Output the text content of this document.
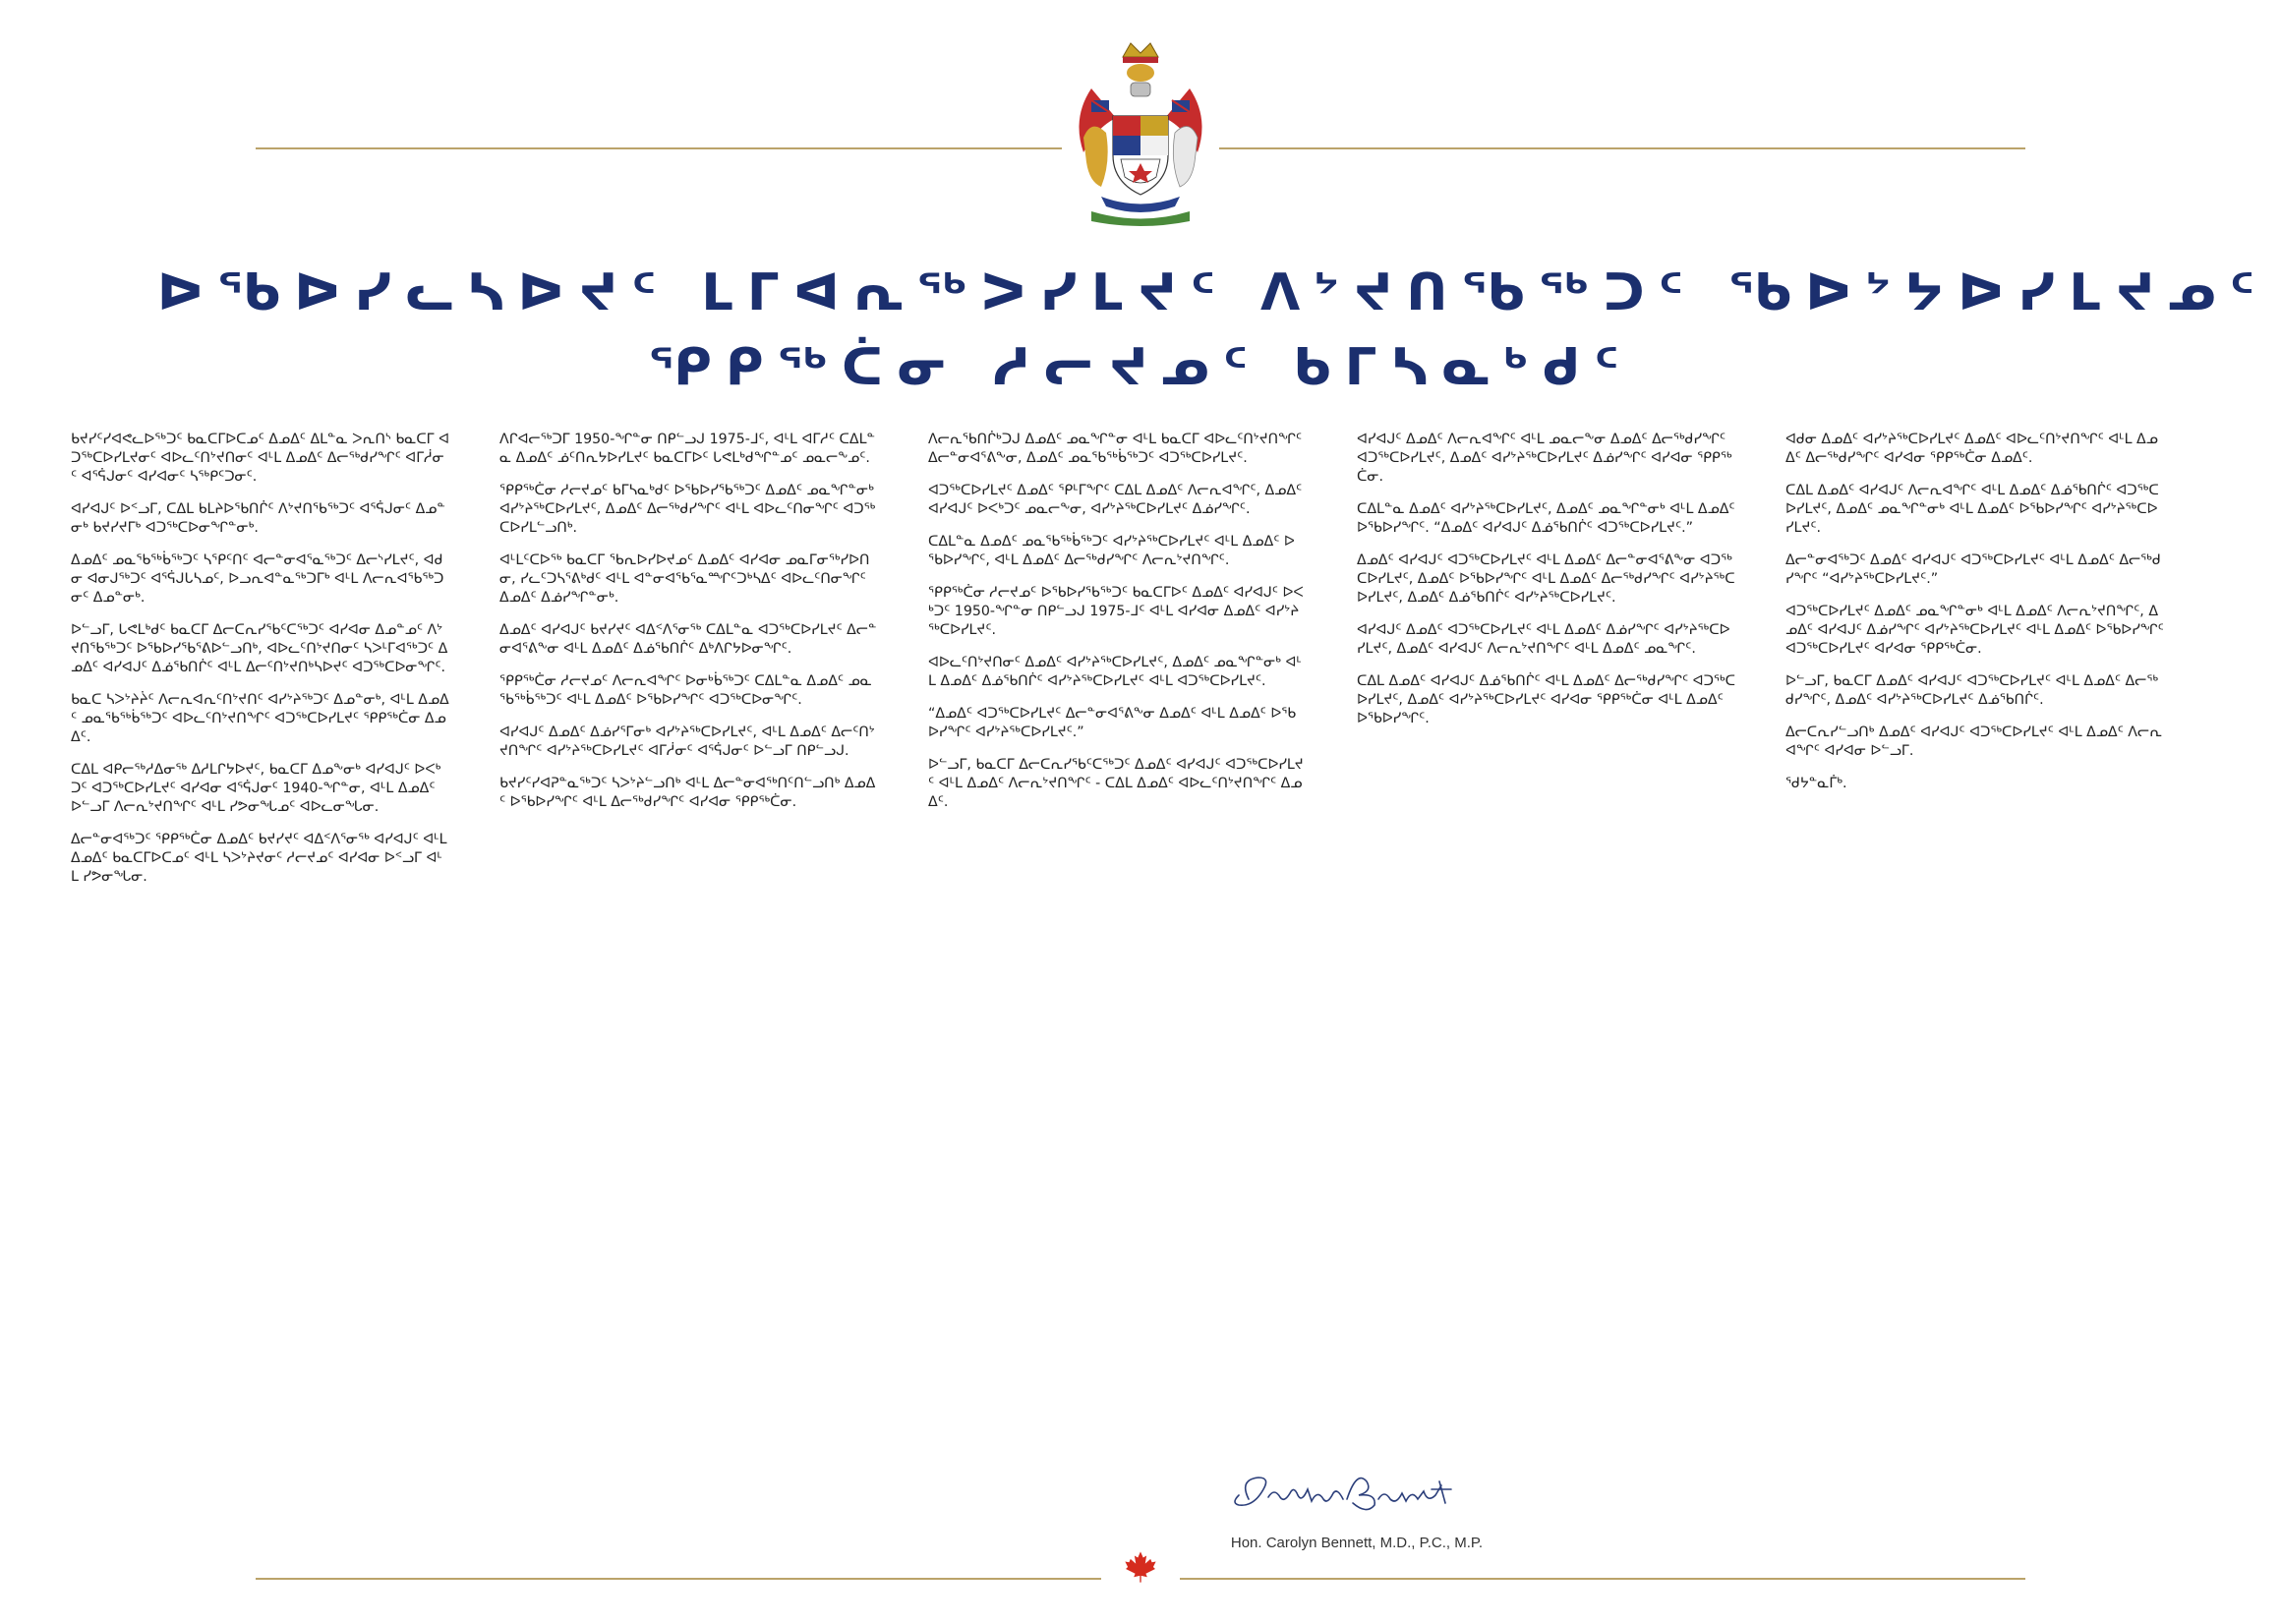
ᐅᖃᐅᓯᓚᓴᐅᔪᑦ ᒪᒥᐊᕆᖅᐳᓯᒪᔪᑦ ᐱᔾᔪᑎᖃᖅᑐᑦ ᖃᐅᔾᔭᐅᓯᒪᔪᓄᑦ
ᕿᑭᖅᑖᓂ ᓱᓕᔪᓄᑦ ᑲᒥᓴᓇᒃᑯᑦ

ᑲᔪᓯᑦᓯᐊᕙᓚᐅᖅᑐᑦ ᑲᓇᑕᒥᐅᑕᓄᑦ ᐃᓄᐃᑦ ᐃᒪᓐᓇ ᐳᕆᑎᔅ ᑲᓇᑕᒥ ᐊᑐᖅᑕᐅᓯᒪᔪᓂᑦ ᐊᐅᓚᑦᑎᔾᔪᑎᓂᑦ ᐊᒻᒪ ᐃᓄᐃᑦ ᐃᓕᖅᑯᓯᖏᑦ ᐊᒥᓲᓂᑦ ᐊᕐᕌᒍᓂᑦ ᐊᓯᐊᓂᑦ ᓴᖅᑭᑦᑐᓂᑦ.

ᐊᓯᐊᒍᑦ ᐅᑉᓗᒥ, ᑕᐃᒪ ᑲᒪᔨᐅᖃᑎᒌᑦ ᐱᔾᔪᑎᖃᖅᑐᑦ ᐊᕐᕌᒍᓂᑦ ᐃᓄᓐᓂᒃ ᑲᔪᓯᔪᒥᒃ ᐊᑐᖅᑕᐅᓂᖏᓐᓂᒃ.

ᐃᓄᐃᑦ ᓄᓇᖃᖅᑳᖅᑐᑦ ᓴᕿᑦᑎᑦ ᐊᓕᓐᓂᐊᕐᓇᖅᑐᑦ ᐃᓕᔅᓯᒪᔪᑦ, ᐊᑯᓂ ᐊᓂᒍᖅᑐᑦ ᐊᕐᕌᒍᒐᓴᓄᑦ, ᐅᓗᕆᐊᓐᓇᖅᑐᒥᒃ ᐊᒻᒪ ᐱᓕᕆᐊᖃᖅᑐᓂᑦ ᐃᓄᓐᓂᒃ.

ᐅᓪᓗᒥ, ᒐᕙᒪᒃᑯᑦ ᑲᓇᑕᒥ ᐃᓕᑕᕆᓯᖃᑦᑕᖅᑐᑦ ᐊᓯᐊᓂ ᐃᓄᓐᓄᑦ ᐱᔾᔪᑎᖃᖅᑐᑦ ᐅᖃᐅᓯᖃᕐᕕᐅᓪᓗᑎᒃ, ᐊᐅᓚᑦᑎᔾᔪᑎᓂᑦ ᓴᐳᒻᒥᐊᖅᑐᑦ ᐃᓄᐃᑦ ᐊᓯᐊᒍᑦ ᐃᓅᖃᑎᒌᑦ ᐊᒻᒪ ᐃᓕᑦᑎᔾᔪᑎᒃᓴᐅᔪᑦ ᐊᑐᖅᑕᐅᓂᖏᑦ.

ᑲᓇᑕ ᓴᐳᔾᔨᔩᑦ ᐱᓕᕆᐊᕆᑦᑎᔾᔪᑎᑦ ᐊᓯᔾᔨᖅᑐᑦ ᐃᓄᓐᓂᒃ, ᐊᒻᒪ ᐃᓄᐃᑦ ᓄᓇᖃᖅᑳᖅᑐᑦ ᐊᐅᓚᑦᑎᔾᔪᑎᖏᑦ ᐊᑐᖅᑕᐅᓯᒪᔪᑦ ᕿᑭᖅᑖᓂ ᐃᓄᐃᑦ.

ᑕᐃᒪ ᐊᑭᓕᖅᓱᐃᓂᖅ ᐃᓱᒪᒋᔭᐅᔪᑦ, ᑲᓇᑕᒥ ᐃᓄᖕᓂᒃ ᐊᓯᐊᒍᑦ ᐅᐸᒃᑐᑦ ᐊᑐᖅᑕᐅᓯᒪᔪᑦ ᐊᓯᐊᓂ ᐊᕐᕌᒍᓂᑦ 1940-ᖏᓐᓂ, ᐊᒻᒪ ᐃᓄᐃᑦ ᐅᓪᓗᒥ ᐱᓕᕆᔾᔪᑎᖏᑦ ᐊᒻᒪ ᓯᕗᓂᖓᓄᑦ ᐊᐅᓚᓂᖓᓂ.

ᐃᓕᓐᓂᐊᖅᑐᑦ ᕿᑭᖅᑖᓂ ᐃᓄᐃᑦ ᑲᔪᓯᔪᑦ ᐊᐃᑉᐱᕐᓂᖅ ᐊᓯᐊᒍᑦ ᐊᒻᒪ ᐃᓄᐃᑦ ᑲᓇᑕᒥᐅᑕᓄᑦ ᐊᒻᒪ ᓴᐳᔾᔨᔪᓂᑦ ᓱᓕᔪᓄᑦ ᐊᓯᐊᓂ ᐅᑉᓗᒥ ᐊᒻᒪ ᓯᕗᓂᖓᓂ.

ᐱᒋᐊᓕᖅᑐᒥ 1950-ᖏᓐᓂ ᑎᑭᓪᓗᒍ 1975-ᒧᑦ, ᐊᒻᒪ ᐊᒥᓱᑦ ᑕᐃᒪᓐᓇ ᐃᓄᐃᑦ ᓅᑦᑎᕆᔭᐅᓯᒪᔪᑦ ᑲᓇᑕᒥᐅᑦ ᒐᕙᒪᒃᑯᖏᓐᓄᑦ ᓄᓇᓕᖕᓄᑦ.

ᕿᑭᖅᑖᓂ ᓱᓕᔪᓄᑦ ᑲᒥᓴᓇᒃᑯᑦ ᐅᖃᐅᓯᖃᖅᑐᑦ ᐃᓄᐃᑦ ᓄᓇᖏᓐᓂᒃ ᐊᓯᔾᔨᖅᑕᐅᓯᒪᔪᑦ, ᐃᓄᐃᑦ ᐃᓕᖅᑯᓯᖏᑦ ᐊᒻᒪ ᐊᐅᓚᑦᑎᓂᖏᑦ ᐊᑐᖅᑕᐅᓯᒪᓪᓗᑎᒃ.

ᐊᒻᒪᑦᑕᐅᖅ ᑲᓇᑕᒥ ᖃᕆᐅᓯᐅᔪᓄᑦ ᐃᓄᐃᑦ ᐊᓯᐊᓂ ᓄᓇᒥᓂᖅᓯᐅᑎᓂ, ᓯᓚᑦᑐᓴᕐᕕᒃᑯᑦ ᐊᒻᒪ ᐊᓐᓂᐊᖃᕐᓇᙱᑦᑐᒃᓴᐃᑦ ᐊᐅᓚᑦᑎᓂᖏᑦ ᐃᓄᐃᑦ ᐃᓅᓯᖏᓐᓂᒃ.

ᐃᓄᐃᑦ ᐊᓯᐊᒍᑦ ᑲᔪᓯᔪᑦ ᐊᐃᑉᐱᕐᓂᖅ ᑕᐃᒪᓐᓇ ᐊᑐᖅᑕᐅᓯᒪᔪᑦ ᐃᓕᓐᓂᐊᕐᕕᖕᓂ ᐊᒻᒪ ᐃᓄᐃᑦ ᐃᓅᖃᑎᒌᑦ ᐃᒃᐱᒋᔭᐅᓂᖏᑦ.

ᕿᑭᖅᑖᓂ ᓱᓕᔪᓄᑦ ᐱᓕᕆᐊᖏᑦ ᐅᓂᒃᑳᖅᑐᑦ ᑕᐃᒪᓐᓇ ᐃᓄᐃᑦ ᓄᓇᖃᖅᑳᖅᑐᑦ ᐊᒻᒪ ᐃᓄᐃᑦ ᐅᖃᐅᓯᖏᑦ ᐊᑐᖅᑕᐅᓂᖏᑦ.

ᐊᓯᐊᒍᑦ ᐃᓄᐃᑦ ᐃᓅᓯᕐᒥᓂᒃ ᐊᓯᔾᔨᖅᑕᐅᓯᒪᔪᑦ, ᐊᒻᒪ ᐃᓄᐃᑦ ᐃᓕᑦᑎᔾᔪᑎᖏᑦ ᐊᓯᔾᔨᖅᑕᐅᓯᒪᔪᑦ ᐊᒥᓲᓂᑦ ᐊᕐᕌᒍᓂᑦ ᐅᓪᓗᒥ ᑎᑭᓪᓗᒍ.

ᑲᔪᓯᑦᓯᐊᕈᓐᓇᖅᑐᑦ ᓴᐳᔾᔨᓪᓗᑎᒃ ᐊᒻᒪ ᐃᓕᓐᓂᐊᖅᑎᑦᑎᓪᓗᑎᒃ ᐃᓄᐃᑦ ᐅᖃᐅᓯᖏᑦ ᐊᒻᒪ ᐃᓕᖅᑯᓯᖏᑦ ᐊᓯᐊᓂ ᕿᑭᖅᑖᓂ.

ᐱᓕᕆᖃᑎᒌᒃᑐᒍ ᐃᓄᐃᑦ ᓄᓇᖏᓐᓂ ᐊᒻᒪ ᑲᓇᑕᒥ ᐊᐅᓚᑦᑎᔾᔪᑎᖏᑦ ᐃᓕᓐᓂᐊᕐᕕᖕᓂ, ᐃᓄᐃᑦ ᓄᓇᖃᖅᑳᖅᑐᑦ ᐊᑐᖅᑕᐅᓯᒪᔪᑦ.

ᐊᑐᖅᑕᐅᓯᒪᔪᑦ ᐃᓄᐃᑦ ᕿᒻᒥᖏᑦ ᑕᐃᒪ ᐃᓄᐃᑦ ᐱᓕᕆᐊᖏᑦ, ᐃᓄᐃᑦ ᐊᓯᐊᒍᑦ ᐅᐸᒃᑐᑦ ᓄᓇᓕᖕᓂ, ᐊᓯᔾᔨᖅᑕᐅᓯᒪᔪᑦ ᐃᓅᓯᖏᑦ.

ᑕᐃᒪᓐᓇ ᐃᓄᐃᑦ ᓄᓇᖃᖅᑳᖅᑐᑦ ᐊᓯᔾᔨᖅᑕᐅᓯᒪᔪᑦ ᐊᒻᒪ ᐃᓄᐃᑦ ᐅᖃᐅᓯᖏᑦ, ᐊᒻᒪ ᐃᓄᐃᑦ ᐃᓕᖅᑯᓯᖏᑦ ᐱᓕᕆᔾᔪᑎᖏᑦ.

ᕿᑭᖅᑖᓂ ᓱᓕᔪᓄᑦ ᐅᖃᐅᓯᖃᖅᑐᑦ ᑲᓇᑕᒥᐅᑦ ᐃᓄᐃᑦ ᐊᓯᐊᒍᑦ ᐅᐸᒃᑐᑦ 1950-ᖏᓐᓂ ᑎᑭᓪᓗᒍ 1975-ᒧᑦ ᐊᒻᒪ ᐊᓯᐊᓂ ᐃᓄᐃᑦ ᐊᓯᔾᔨᖅᑕᐅᓯᒪᔪᑦ.

ᐊᐅᓚᑦᑎᔾᔪᑎᓂᑦ ᐃᓄᐃᑦ ᐊᓯᔾᔨᖅᑕᐅᓯᒪᔪᑦ, ᐃᓄᐃᑦ ᓄᓇᖏᓐᓂᒃ ᐊᒻᒪ ᐃᓄᐃᑦ ᐃᓅᖃᑎᒌᑦ ᐊᓯᔾᔨᖅᑕᐅᓯᒪᔪᑦ ᐊᒻᒪ ᐊᑐᖅᑕᐅᓯᒪᔪᑦ.

“ᐃᓄᐃᑦ ᐊᑐᖅᑕᐅᓯᒪᔪᑦ ᐃᓕᓐᓂᐊᕐᕕᖕᓂ ᐃᓄᐃᑦ ᐊᒻᒪ ᐃᓄᐃᑦ ᐅᖃᐅᓯᖏᑦ ᐊᓯᔾᔨᖅᑕᐅᓯᒪᔪᑦ.”

ᐅᓪᓗᒥ, ᑲᓇᑕᒥ ᐃᓕᑕᕆᓯᖃᑦᑕᖅᑐᑦ ᐃᓄᐃᑦ ᐊᓯᐊᒍᑦ ᐊᑐᖅᑕᐅᓯᒪᔪᑦ ᐊᒻᒪ ᐃᓄᐃᑦ ᐱᓕᕆᔾᔪᑎᖏᑦ - ᑕᐃᒪ ᐃᓄᐃᑦ ᐊᐅᓚᑦᑎᔾᔪᑎᖏᑦ ᐃᓄᐃᑦ.

ᐊᓯᐊᒍᑦ ᐃᓄᐃᑦ ᐱᓕᕆᐊᖏᑦ ᐊᒻᒪ ᓄᓇᓕᖕᓂ ᐃᓄᐃᑦ ᐃᓕᖅᑯᓯᖏᑦ ᐊᑐᖅᑕᐅᓯᒪᔪᑦ, ᐃᓄᐃᑦ ᐊᓯᔾᔨᖅᑕᐅᓯᒪᔪᑦ ᐃᓅᓯᖏᑦ ᐊᓯᐊᓂ ᕿᑭᖅᑖᓂ.

ᑕᐃᒪᓐᓇ ᐃᓄᐃᑦ ᐊᓯᔾᔨᖅᑕᐅᓯᒪᔪᑦ, ᐃᓄᐃᑦ ᓄᓇᖏᓐᓂᒃ ᐊᒻᒪ ᐃᓄᐃᑦ ᐅᖃᐅᓯᖏᑦ. “ᐃᓄᐃᑦ ᐊᓯᐊᒍᑦ ᐃᓅᖃᑎᒌᑦ ᐊᑐᖅᑕᐅᓯᒪᔪᑦ.”

ᐃᓄᐃᑦ ᐊᓯᐊᒍᑦ ᐊᑐᖅᑕᐅᓯᒪᔪᑦ ᐊᒻᒪ ᐃᓄᐃᑦ ᐃᓕᓐᓂᐊᕐᕕᖕᓂ ᐊᑐᖅᑕᐅᓯᒪᔪᑦ, ᐃᓄᐃᑦ ᐅᖃᐅᓯᖏᑦ ᐊᒻᒪ ᐃᓄᐃᑦ ᐃᓕᖅᑯᓯᖏᑦ ᐊᓯᔾᔨᖅᑕᐅᓯᒪᔪᑦ, ᐃᓄᐃᑦ ᐃᓅᖃᑎᒌᑦ ᐊᓯᔾᔨᖅᑕᐅᓯᒪᔪᑦ.

ᐊᓯᐊᒍᑦ ᐃᓄᐃᑦ ᐊᑐᖅᑕᐅᓯᒪᔪᑦ ᐊᒻᒪ ᐃᓄᐃᑦ ᐃᓅᓯᖏᑦ ᐊᓯᔾᔨᖅᑕᐅᓯᒪᔪᑦ, ᐃᓄᐃᑦ ᐊᓯᐊᒍᑦ ᐱᓕᕆᔾᔪᑎᖏᑦ ᐊᒻᒪ ᐃᓄᐃᑦ ᓄᓇᖏᑦ.

ᑕᐃᒪ ᐃᓄᐃᑦ ᐊᓯᐊᒍᑦ ᐃᓅᖃᑎᒌᑦ ᐊᒻᒪ ᐃᓄᐃᑦ ᐃᓕᖅᑯᓯᖏᑦ ᐊᑐᖅᑕᐅᓯᒪᔪᑦ, ᐃᓄᐃᑦ ᐊᓯᔾᔨᖅᑕᐅᓯᒪᔪᑦ ᐊᓯᐊᓂ ᕿᑭᖅᑖᓂ ᐊᒻᒪ ᐃᓄᐃᑦ ᐅᖃᐅᓯᖏᑦ.

ᐊᑯᓂ ᐃᓄᐃᑦ ᐊᓯᔾᔨᖅᑕᐅᓯᒪᔪᑦ ᐃᓄᐃᑦ ᐊᐅᓚᑦᑎᔾᔪᑎᖏᑦ ᐊᒻᒪ ᐃᓄᐃᑦ ᐃᓕᖅᑯᓯᖏᑦ ᐊᓯᐊᓂ ᕿᑭᖅᑖᓂ ᐃᓄᐃᑦ.

ᑕᐃᒪ ᐃᓄᐃᑦ ᐊᓯᐊᒍᑦ ᐱᓕᕆᐊᖏᑦ ᐊᒻᒪ ᐃᓄᐃᑦ ᐃᓅᖃᑎᒌᑦ ᐊᑐᖅᑕᐅᓯᒪᔪᑦ, ᐃᓄᐃᑦ ᓄᓇᖏᓐᓂᒃ ᐊᒻᒪ ᐃᓄᐃᑦ ᐅᖃᐅᓯᖏᑦ ᐊᓯᔾᔨᖅᑕᐅᓯᒪᔪᑦ.

ᐃᓕᓐᓂᐊᖅᑐᑦ ᐃᓄᐃᑦ ᐊᓯᐊᒍᑦ ᐊᑐᖅᑕᐅᓯᒪᔪᑦ ᐊᒻᒪ ᐃᓄᐃᑦ ᐃᓕᖅᑯᓯᖏᑦ “ᐊᓯᔾᔨᖅᑕᐅᓯᒪᔪᑦ.”

ᐊᑐᖅᑕᐅᓯᒪᔪᑦ ᐃᓄᐃᑦ ᓄᓇᖏᓐᓂᒃ ᐊᒻᒪ ᐃᓄᐃᑦ ᐱᓕᕆᔾᔪᑎᖏᑦ, ᐃᓄᐃᑦ ᐊᓯᐊᒍᑦ ᐃᓅᓯᖏᑦ ᐊᓯᔾᔨᖅᑕᐅᓯᒪᔪᑦ ᐊᒻᒪ ᐃᓄᐃᑦ ᐅᖃᐅᓯᖏᑦ ᐊᑐᖅᑕᐅᓯᒪᔪᑦ ᐊᓯᐊᓂ ᕿᑭᖅᑖᓂ.

ᐅᓪᓗᒥ, ᑲᓇᑕᒥ ᐃᓄᐃᑦ ᐊᓯᐊᒍᑦ ᐊᑐᖅᑕᐅᓯᒪᔪᑦ ᐊᒻᒪ ᐃᓄᐃᑦ ᐃᓕᖅᑯᓯᖏᑦ, ᐃᓄᐃᑦ ᐊᓯᔾᔨᖅᑕᐅᓯᒪᔪᑦ ᐃᓅᖃᑎᒌᑦ.

ᐃᓕᑕᕆᓯᓪᓗᑎᒃ ᐃᓄᐃᑦ ᐊᓯᐊᒍᑦ ᐊᑐᖅᑕᐅᓯᒪᔪᑦ ᐊᒻᒪ ᐃᓄᐃᑦ ᐱᓕᕆᐊᖏᑦ ᐊᓯᐊᓂ ᐅᓪᓗᒥ.

ᖁᔭᓐᓇᒦᒃ.

Hon. Carolyn Bennett, M.D., P.C., M.P.
